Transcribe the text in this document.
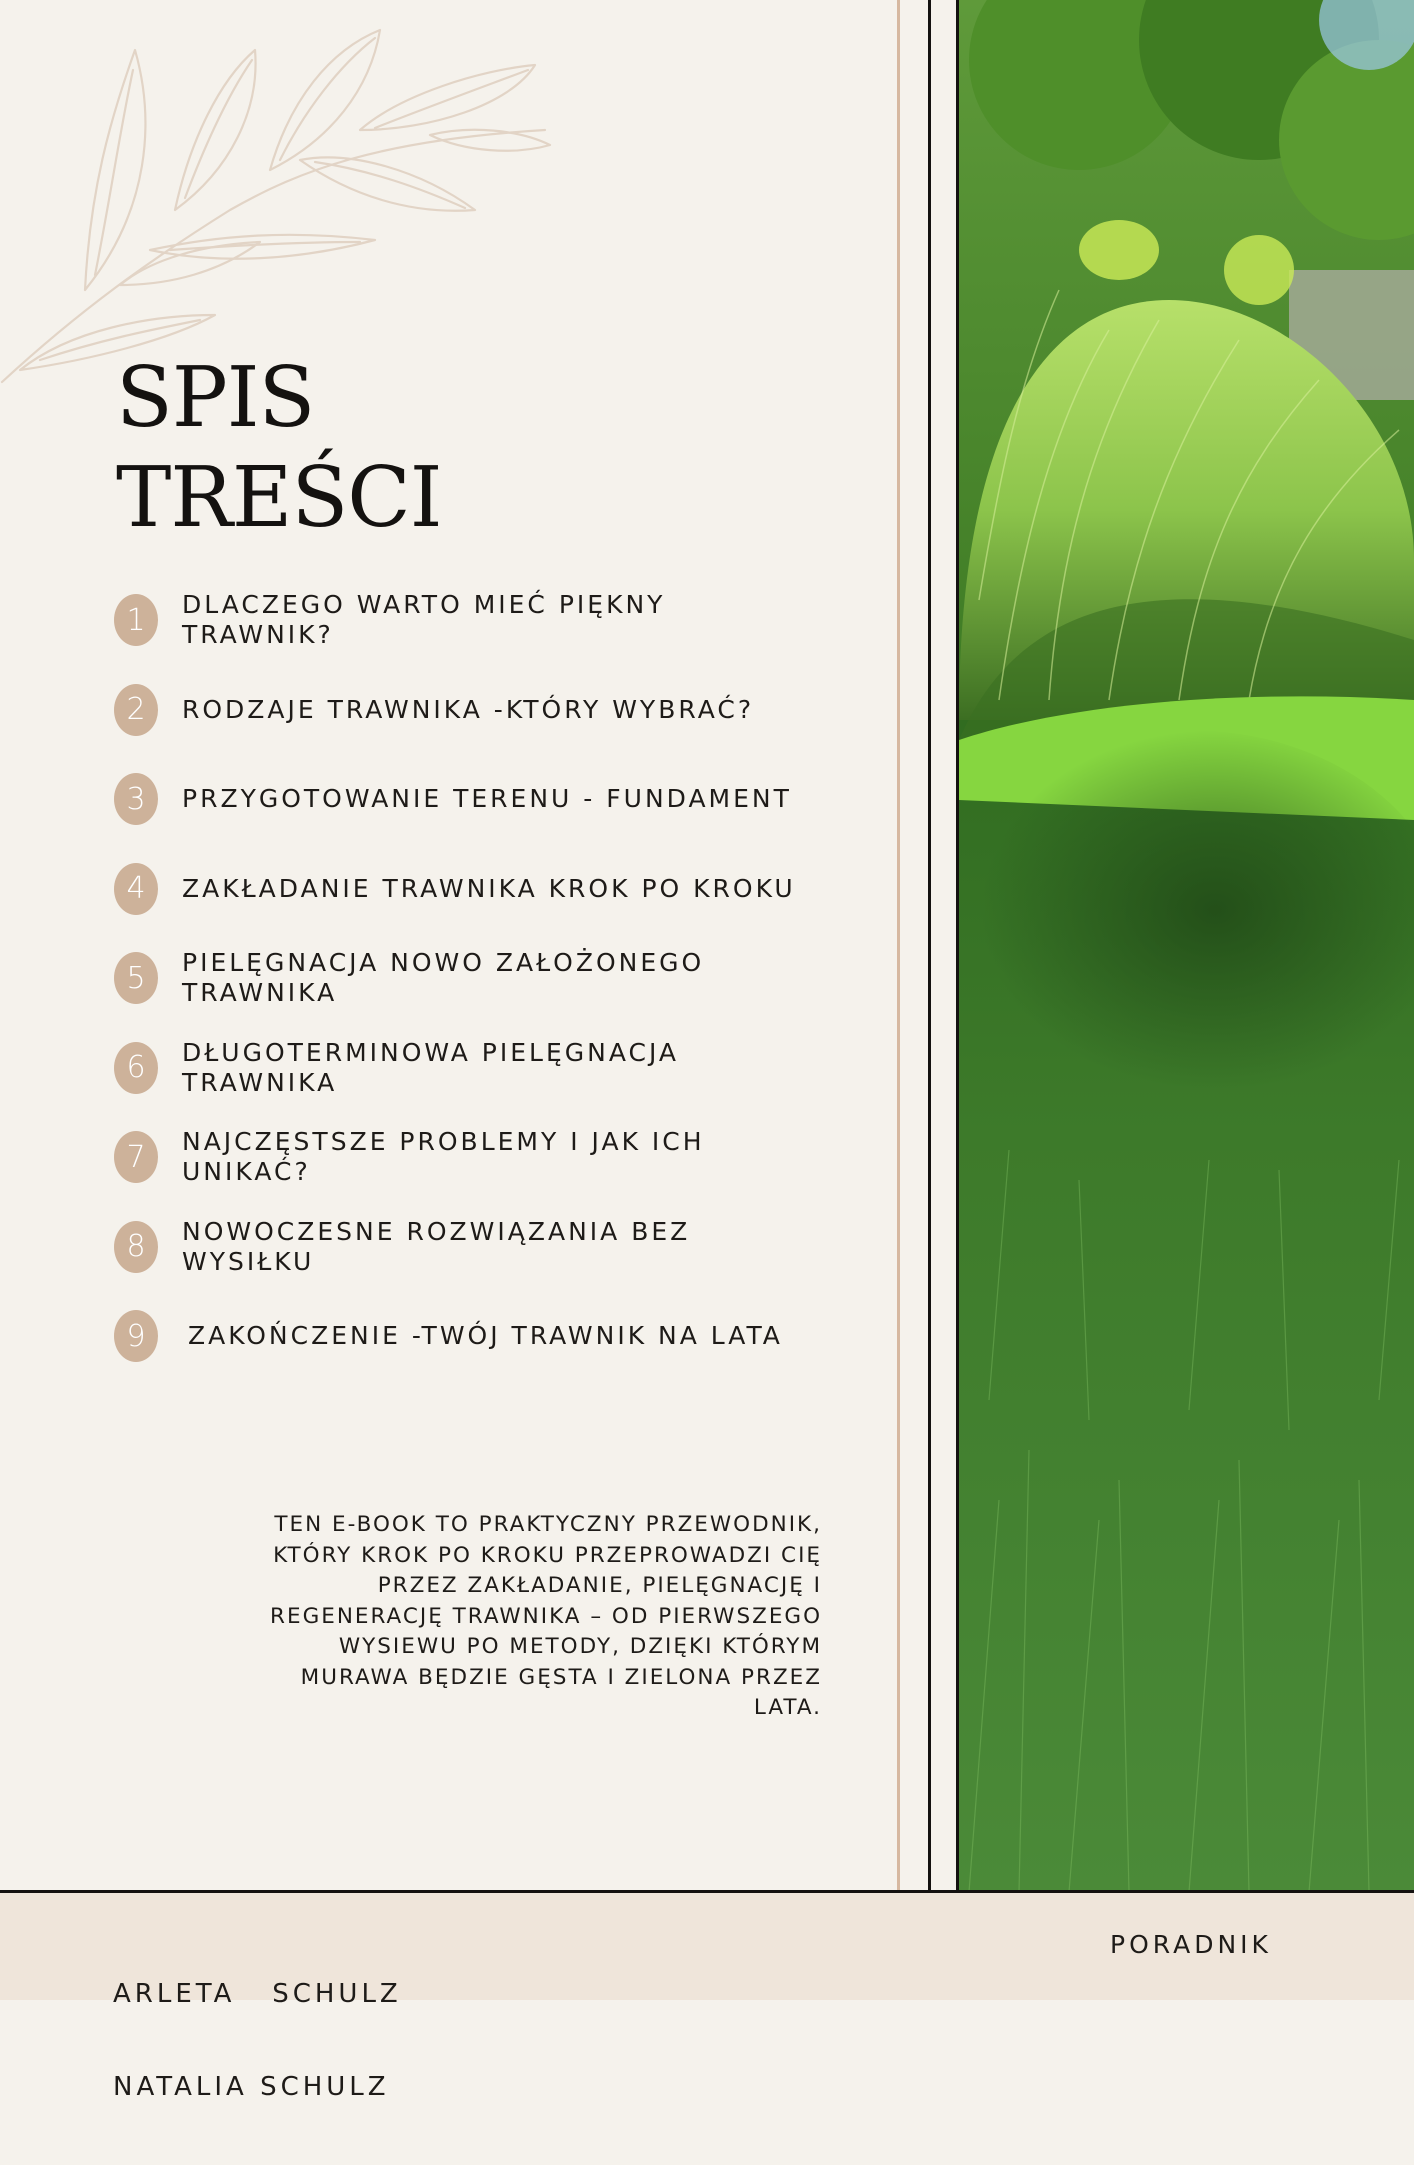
SPIS
TREŚCI
1	DLACZEGO WARTO MIEĆ PIĘKNY TRAWNIK?
2	RODZAJE TRAWNIKA -KTÓRY WYBRAĆ?
3	PRZYGOTOWANIE TERENU - FUNDAMENT
4	ZAKŁADANIE TRAWNIKA KROK PO KROKU
5	PIELĘGNACJA NOWO ZAŁOŻONEGO TRAWNIKA
6	DŁUGOTERMINOWA PIELĘGNACJA TRAWNIKA
7	NAJCZĘSTSZE PROBLEMY I JAK ICH UNIKAĆ?
8	NOWOCZESNE ROZWIĄZANIA BEZ WYSIŁKU
9	ZAKOŃCZENIE -TWÓJ TRAWNIK NA LATA

TEN E-BOOK TO PRAKTYCZNY PRZEWODNIK, KTÓRY KROK PO KROKU PRZEPROWADZI CIĘ PRZEZ ZAKŁADANIE, PIELĘGNACJĘ I REGENERACJĘ TRAWNIKA – OD PIERWSZEGO WYSIEWU PO METODY, DZIĘKI KTÓRYM MURAWA BĘDZIE GĘSTA I ZIELONA PRZEZ LATA.

ARLETA   SCHULZ

NATALIA SCHULZ

PORADNIK
